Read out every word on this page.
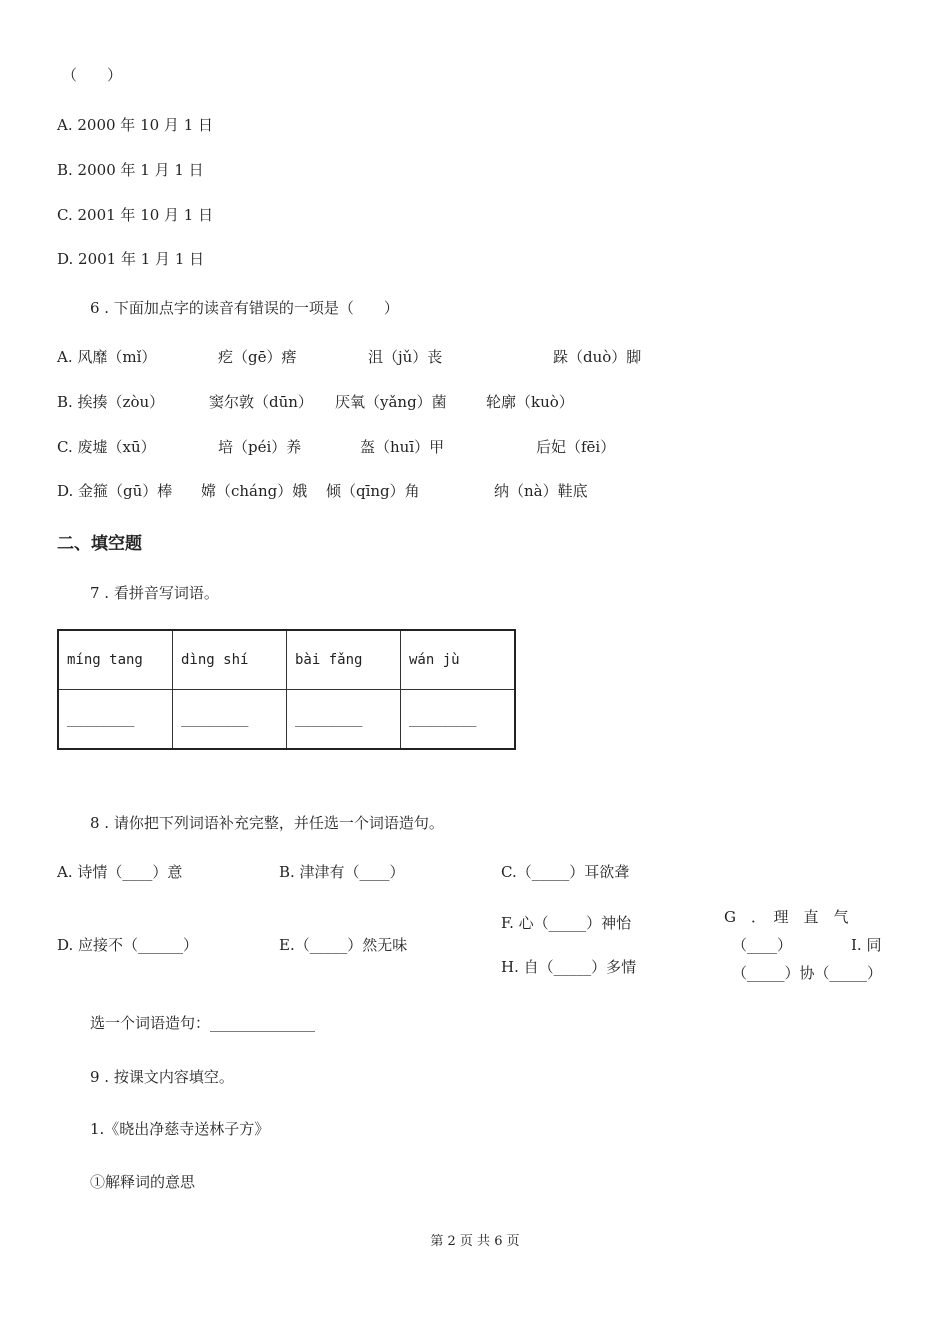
（　　）
A. 2000 年 10 月 1 日
B. 2000 年 1 月 1 日
C. 2001 年 10 月 1 日
D. 2001 年 1 月 1 日
6 . 下面加点字的读音有错误的一项是（　　）
A. 风靡（mǐ）	疙（gē）瘩	沮（jǔ）丧	跺（duò）脚
B. 挨揍（zòu）	窦尔敦（dūn） 厌氧（yǎng）菌	轮廓（kuò）
C. 废墟（xū）	培（péi）养	盔（huī）甲	后妃（fēi）
D. 金箍（gū）棒 嫦（cháng）娥 倾（qīng）角	纳（nà）鞋底
二、填空题
7 . 看拼音写词语。
míng tang	dìng shí	bài fǎng	wán jù
________	________	________	________
8 . 请你把下列词语补充完整，并任选一个词语造句。
A. 诗情（____）意	B. 津津有（____）	C.（_____）耳欲聋
F. 心（_____）神怡	G　．　理　直　气
D. 应接不（______）	E.（_____）然无味	（____）	I. 同
H. 自（_____）多情	（_____）协（_____）
选一个词语造句：______________
9 . 按课文内容填空。
1.《晓出净慈寺送林子方》
①解释词的意思
第 2 页 共 6 页
